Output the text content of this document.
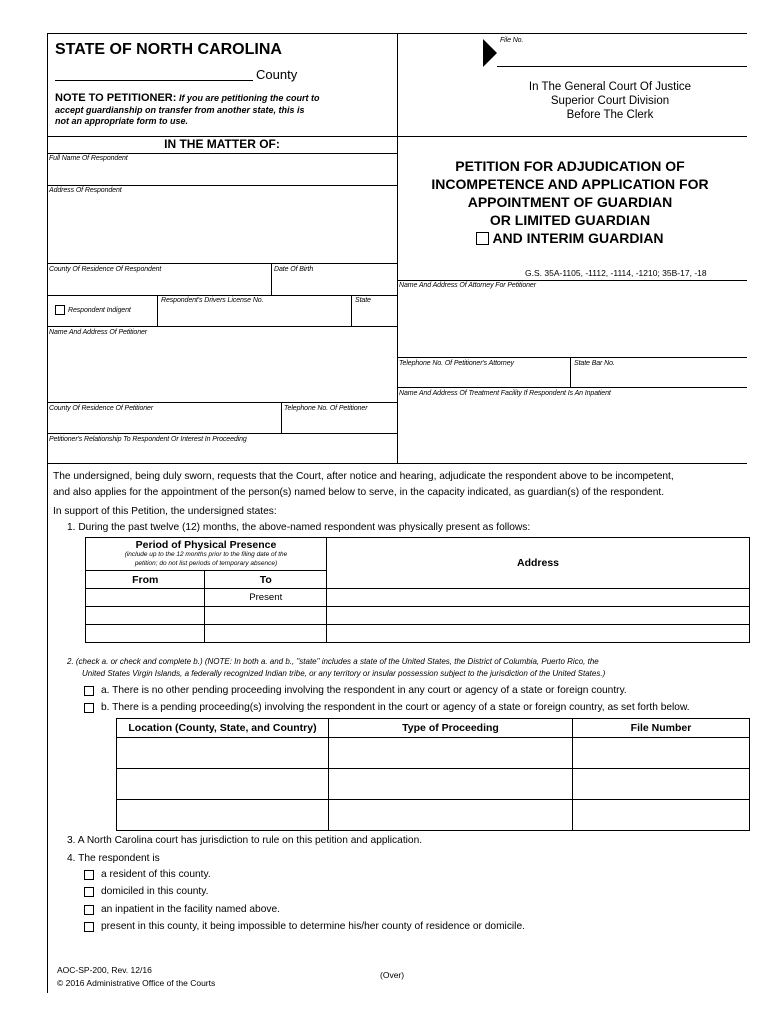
STATE OF NORTH CAROLINA
County
NOTE TO PETITIONER: If you are petitioning the court to
accept guardianship on transfer from another state, this is
not an appropriate form to use.
File No.
In The General Court Of Justice
Superior Court Division
Before The Clerk
IN THE MATTER OF:
Full Name Of Respondent
Address Of Respondent
County Of Residence Of Respondent	Date Of Birth
Respondent Indigent
Respondent's Drivers License No.	State
Name And Address Of Petitioner
County Of Residence Of Petitioner	Telephone No. Of Petitioner
Petitioner's Relationship To Respondent Or Interest In Proceeding
PETITION FOR ADJUDICATION OF
INCOMPETENCE AND APPLICATION FOR
APPOINTMENT OF GUARDIAN
OR LIMITED GUARDIAN
AND INTERIM GUARDIAN
G.S. 35A-1105, -1112, -1114, -1210; 35B-17, -18
Name And Address Of Attorney For Petitioner
Telephone No. Of Petitioner's Attorney	State Bar No.
Name And Address Of Treatment Facility If Respondent Is An Inpatient
The undersigned, being duly sworn, requests that the Court, after notice and hearing, adjudicate the respondent above to be incompetent,
and also applies for the appointment of the person(s) named below to serve, in the capacity indicated, as guardian(s) of the respondent.
In support of this Petition, the undersigned states:
1. During the past twelve (12) months, the above-named respondent was physically present as follows:
Period of Physical Presence
(include up to the 12 months prior to the filing date of the
petition; do not list periods of temporary absence)		Address
From	To	
	Present	

2. (check a. or check and complete b.) (NOTE: In both a. and b., "state" includes a state of the United States, the District of Columbia, Puerto Rico, the
United States Virgin Islands, a federally recognized Indian tribe, or any territory or insular possession subject to the jurisdiction of the United States.)
a. There is no other pending proceeding involving the respondent in any court or agency of a state or foreign country.
b. There is a pending proceeding(s) involving the respondent in the court or agency of a state or foreign country, as set forth below.
Location (County, State, and Country)	Type of Proceeding	File Number

3. A North Carolina court has jurisdiction to rule on this petition and application.
4. The respondent is
a resident of this county.
domiciled in this county.
an inpatient in the facility named above.
present in this county, it being impossible to determine his/her county of residence or domicile.
AOC-SP-200, Rev. 12/16
© 2016 Administrative Office of the Courts
(Over)
